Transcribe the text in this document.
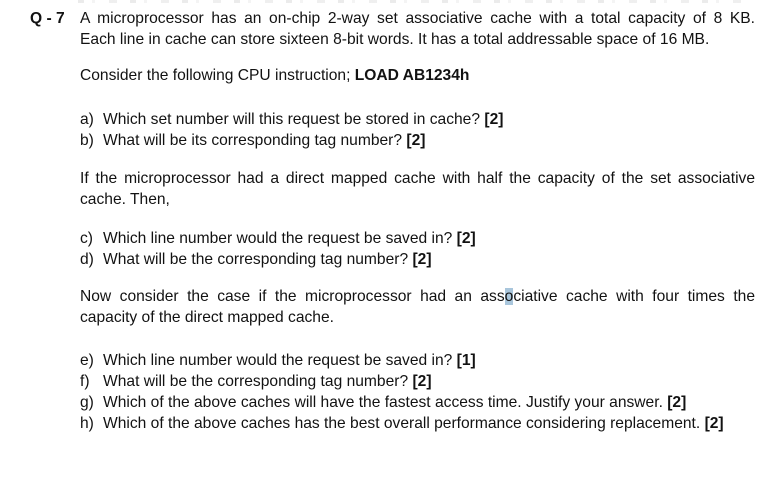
Q - 7 A microprocessor has an on-chip 2-way set associative cache with a total capacity of 8 KB.
Each line in cache can store sixteen 8-bit words. It has a total addressable space of 16 MB.
Consider the following CPU instruction; LOAD AB1234h
a) Which set number will this request be stored in cache? [2]
b) What will be its corresponding tag number? [2]
If the microprocessor had a direct mapped cache with half the capacity of the set associative
cache. Then,
c) Which line number would the request be saved in? [2]
d) What will be the corresponding tag number? [2]
Now consider the case if the microprocessor had an associative cache with four times the
capacity of the direct mapped cache.
e) Which line number would the request be saved in? [1]
f) What will be the corresponding tag number? [2]
g) Which of the above caches will have the fastest access time. Justify your answer. [2]
h) Which of the above caches has the best overall performance considering replacement. [2]
